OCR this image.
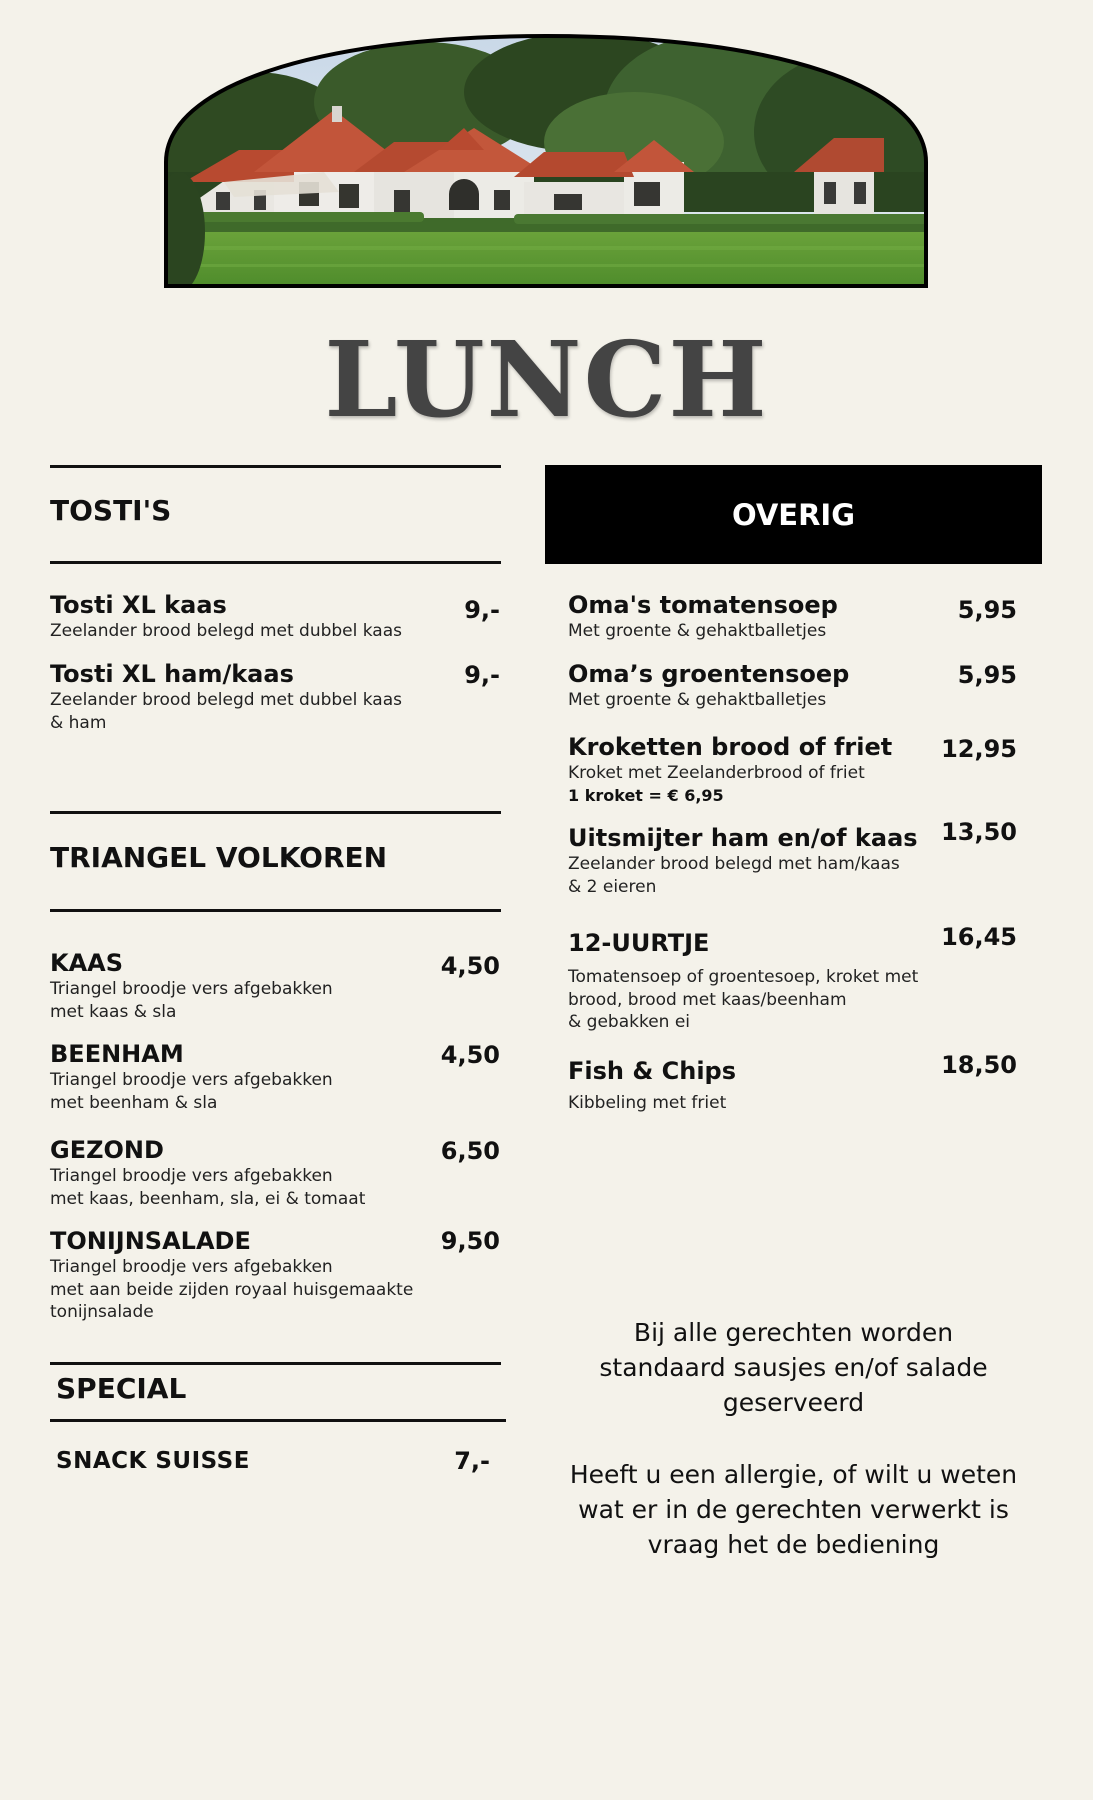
LUNCH
TOSTI'S
Tosti XL kaas
Zeelander brood belegd met dubbel kaas
9,-
Tosti XL ham/kaas
Zeelander brood belegd met dubbel kaas
& ham
9,-
TRIANGEL VOLKOREN
KAAS
Triangel broodje vers afgebakken
met kaas & sla
4,50
BEENHAM
Triangel broodje vers afgebakken
met beenham & sla
4,50
GEZOND
Triangel broodje vers afgebakken
met kaas, beenham, sla, ei & tomaat
6,50
TONIJNSALADE
Triangel broodje vers afgebakken
met aan beide zijden royaal huisgemaakte
tonijnsalade
9,50
SPECIAL
SNACK SUISSE	7,-
OVERIG
Oma's tomatensoep
Met groente & gehaktballetjes
5,95
Oma’s groentensoep
Met groente & gehaktballetjes
5,95
Kroketten brood of friet
Kroket met Zeelanderbrood of friet
1 kroket = € 6,95
12,95
Uitsmijter ham en/of kaas
Zeelander brood belegd met ham/kaas
& 2 eieren
13,50
12-UURTJE
Tomatensoep of groentesoep, kroket met
brood, brood met kaas/beenham
& gebakken ei
16,45
Fish & Chips
Kibbeling met friet
18,50
Bij alle gerechten worden
standaard sausjes en/of salade
geserveerd
Heeft u een allergie, of wilt u weten
wat er in de gerechten verwerkt is
vraag het de bediening
